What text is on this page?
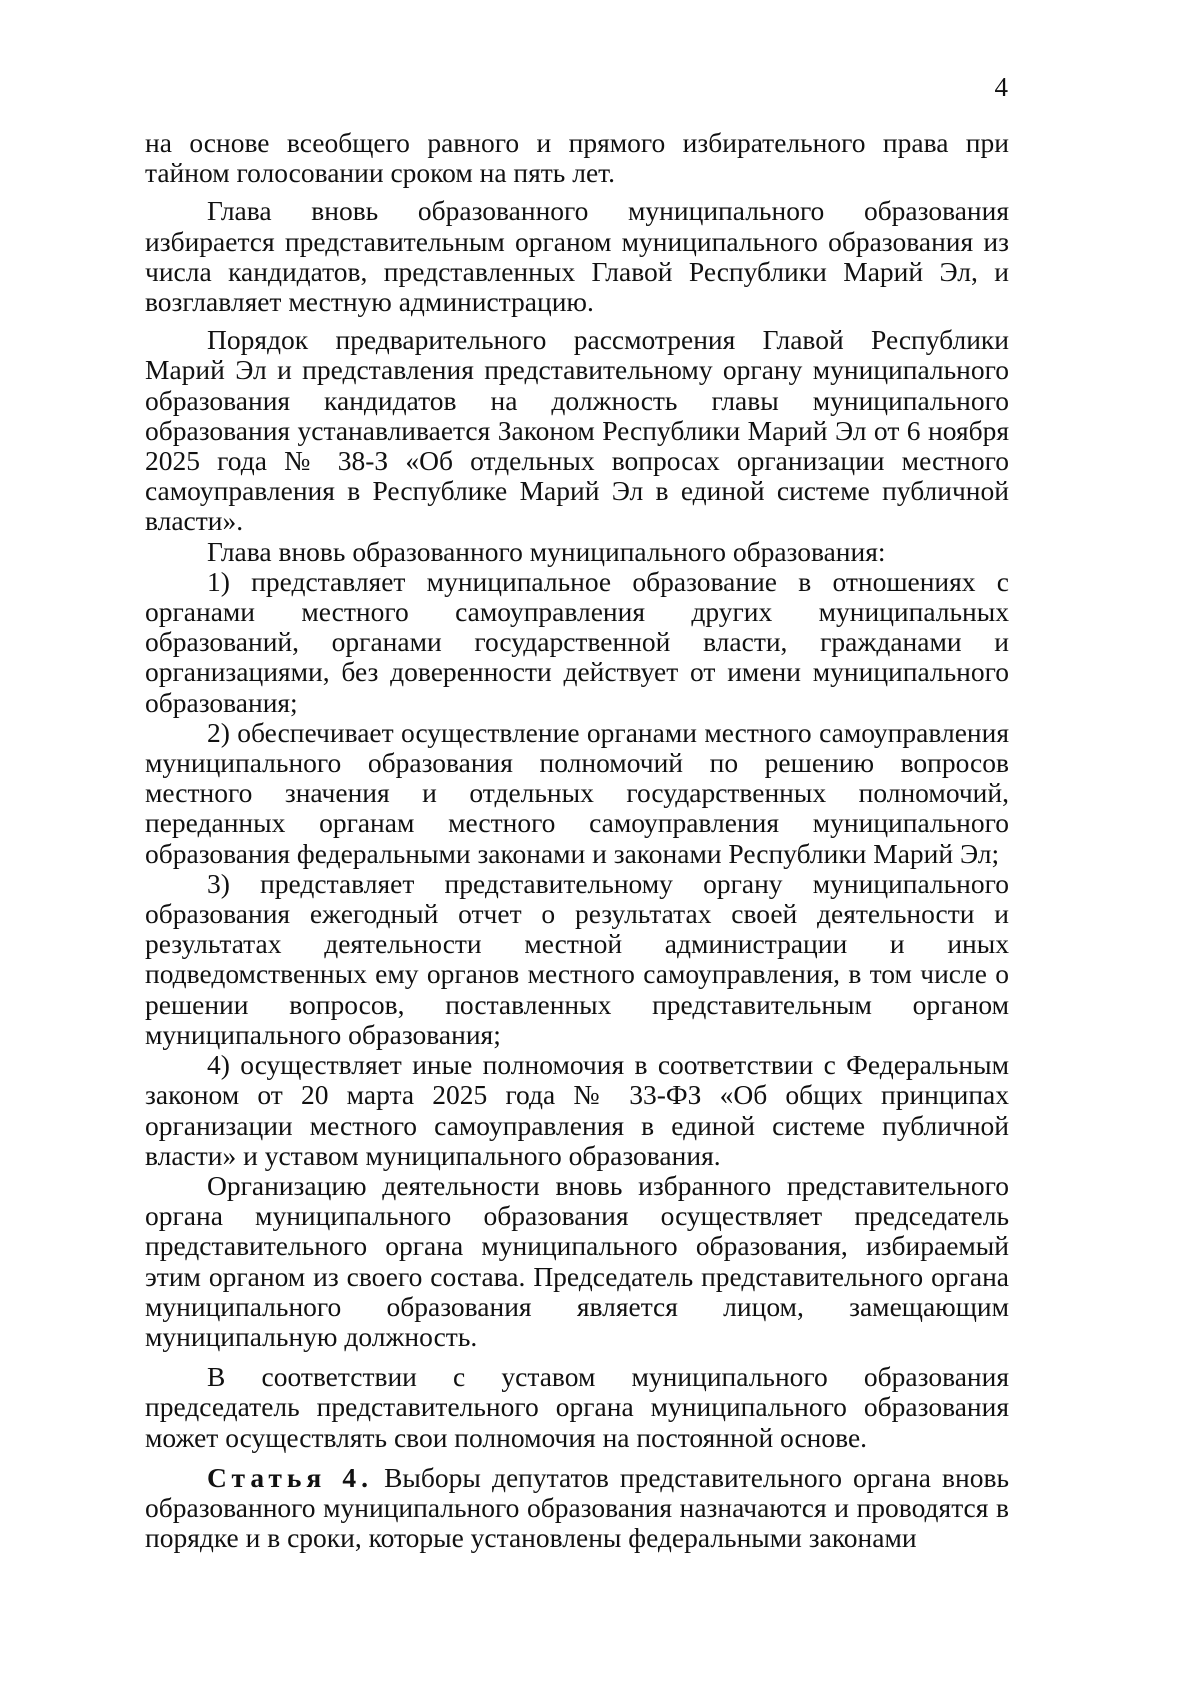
4

на основе всеобщего равного и прямого избирательного права при тайном голосовании сроком на пять лет.

Глава вновь образованного муниципального образования избирается представительным органом муниципального образования из числа кандидатов, представленных Главой Республики Марий Эл, и возглавляет местную администрацию.

Порядок предварительного рассмотрения Главой Республики Марий Эл и представления представительному органу муниципального образования кандидатов на должность главы муниципального образования устанавливается Законом Республики Марий Эл от 6 ноября 2025 года № 38-З «Об отдельных вопросах организации местного самоуправления в Республике Марий Эл в единой системе публичной власти».

Глава вновь образованного муниципального образования:

1) представляет муниципальное образование в отношениях с органами местного самоуправления других муниципальных образований, органами государственной власти, гражданами и организациями, без доверенности действует от имени муниципального образования;

2) обеспечивает осуществление органами местного самоуправления муниципального образования полномочий по решению вопросов местного значения и отдельных государственных полномочий, переданных органам местного самоуправления муниципального образования федеральными законами и законами Республики Марий Эл;

3) представляет представительному органу муниципального образования ежегодный отчет о результатах своей деятельности и результатах деятельности местной администрации и иных подведомственных ему органов местного самоуправления, в том числе о решении вопросов, поставленных представительным органом муниципального образования;

4) осуществляет иные полномочия в соответствии с Федеральным законом от 20 марта 2025 года № 33-ФЗ «Об общих принципах организации местного самоуправления в единой системе публичной власти» и уставом муниципального образования.

Организацию деятельности вновь избранного представительного органа муниципального образования осуществляет председатель представительного органа муниципального образования, избираемый этим органом из своего состава. Председатель представительного органа муниципального образования является лицом, замещающим муниципальную должность.

В соответствии с уставом муниципального образования председатель представительного органа муниципального образования может осуществлять свои полномочия на постоянной основе.

Статья 4. Выборы депутатов представительного органа вновь образованного муниципального образования назначаются и проводятся в порядке и в сроки, которые установлены федеральными законами
